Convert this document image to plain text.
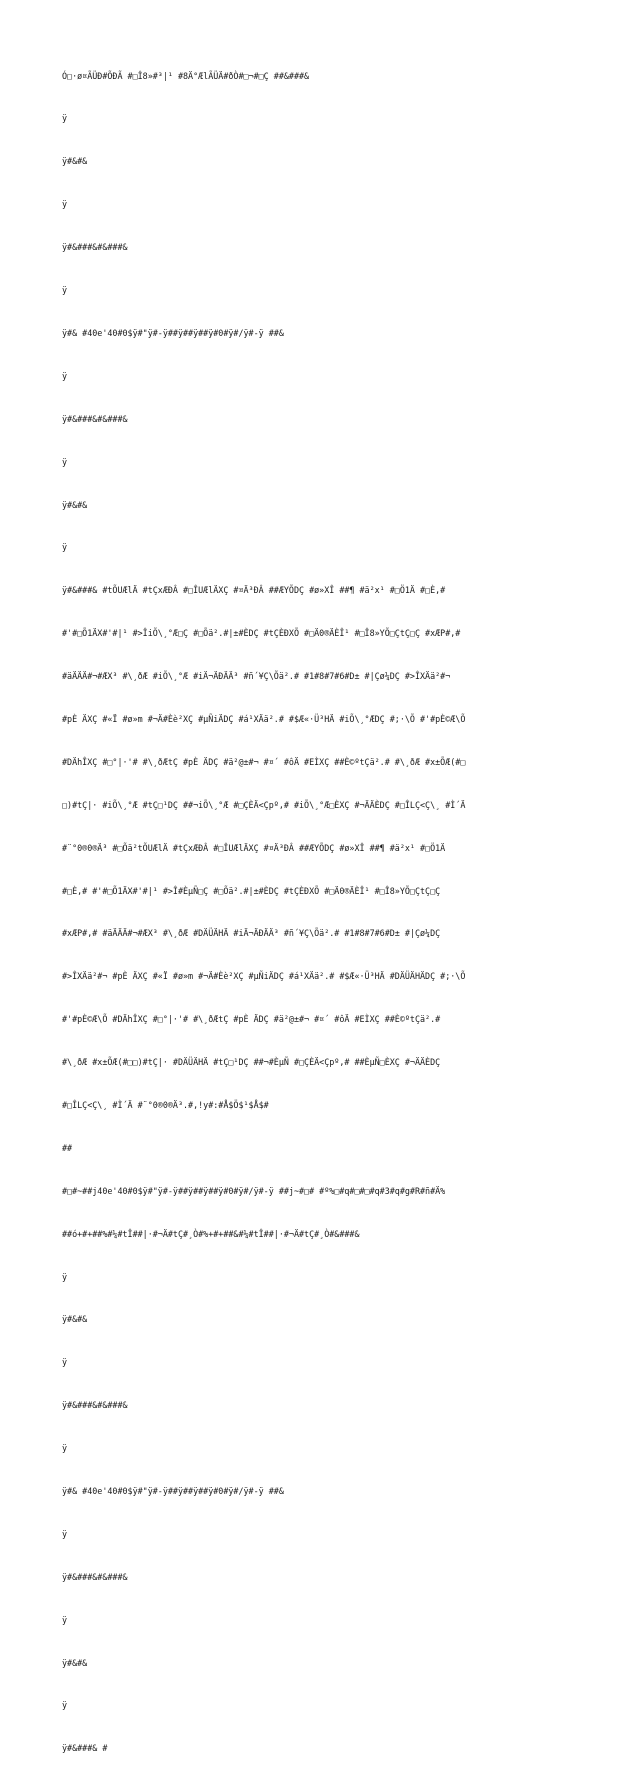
Ó□·ø¤ÃÜÐ#ÕÐÃ #□Î8»#³|¹ #8Ä°ÆlÃÜÄ#ðÒ#□¬#□Ç ##&###&

ÿ

ÿ#&#&

ÿ

ÿ#&###&#&###&

ÿ

ÿ#& #40e'40#0$ÿ#"ÿ#-ÿ##ÿ##ÿ##ÿ#0#ÿ#/ÿ#-ÿ ##&

ÿ

ÿ#&###&#&###&

ÿ

ÿ#&#&

ÿ

ÿ#&###& #tÕUÆlÄ #tÇxÆÐÂ #□ÎUÆlÄXÇ #¤Ä³ÐÂ ##ÆYÕDÇ #ø»XÎ ##¶ #ä²x¹ #□Ö1Ä #□È,#

#'#□Õ1ÄX#'#|¹ #>ÎiÕ\¸°Æ□Ç #□Õä².#|±#ÈDÇ #tÇÈÐXÕ #□Ä0®ÄÈÎ¹ #□Î8»YÕ□ÇtÇ□Ç #xÆP#,#

#äÄÄÄ#¬#ÆX³ #\¸ðÆ #iÕ\¸°Æ #iÄ¬ÄÐÄÄ³ #ñ´¥Ç\Õä².# #1#8#7#6#D± #|Çø¼DÇ #>ÎXÄä²#¬

#pÈ ÄXÇ #«Ï #ø»m #¬Ä#Èè²XÇ #µÑiÄDÇ #á¹XÄä².# #$Æ«·Ü³HÄ #iÕ\¸°ÆDÇ #;·\Õ #'#pÈ©Æ\Õ

#DÄhÎXÇ #□°|·'# #\¸ðÆtÇ #pÈ ÄDÇ #ä²@±#¬ #¤´ #ôÄ #EÌXÇ ##È©ºtÇä².# #\¸ðÆ #x±ÕÆ(#□

□)#tÇ|· #iÕ\¸°Æ #tÇ□¹DÇ ##¬iÕ\¸°Æ #□ÇÈÄ<Çpº,# #iÕ\¸°Æ□ÈXÇ #¬ÄÄÈDÇ #□ÎLÇ<Ç\¸ #Ì´Ä

#¨°0®0®Ä³ #□Õä²tÕUÆlÄ #tÇxÆÐÂ #□ÎUÆlÄXÇ #¤Ä³ÐÂ ##ÆYÕDÇ #ø»XÎ ##¶ #ä²x¹ #□Ö1Ä

#□È,# #'#□Õ1ÄX#'#|¹ #>Î#ÈµÑ□Ç #□Õä².#|±#ÈDÇ #tÇÈÐXÕ #□Ä0®ÄÈÎ¹ #□Î8»YÕ□ÇtÇ□Ç

#xÆP#,# #äÄÄÄ#¬#ÆX³ #\¸ðÆ #DÄÜÄHÄ #iÄ¬ÄÐÄÄ³ #ñ´¥Ç\Õä².# #1#8#7#6#D± #|Çø¼DÇ

#>ÎXÄä²#¬ #pÈ ÄXÇ #«Ï #ø»m #¬Ä#Èè²XÇ #µÑiÄDÇ #á¹XÄä².# #$Æ«·Ü³HÄ #DÄÜÄHÄDÇ #;·\Õ

#'#pÈ©Æ\Õ #DÄhÎXÇ #□°|·'# #\¸ðÆtÇ #pÈ ÄDÇ #ä²@±#¬ #¤´ #ôÄ #EÌXÇ ##È©ºtÇä².#

#\¸ðÆ #x±ÕÆ(#□□)#tÇ|· #DÄÜÄHÄ #tÇ□¹DÇ ##¬#ÈµÑ #□ÇÈÄ<Çpº,# ##ÈµÑ□ÈXÇ #¬ÄÄÈDÇ

#□ÎLÇ<Ç\¸ #Ì´Ä #¨°0®0®Ä³.#,!y#:#Å$Ö$¹$Å$#

##

#□#~##j40e'40#0$ÿ#"ÿ#-ÿ##ÿ##ÿ##ÿ#0#ÿ#/ÿ#-ÿ ##j~#□# #º%□#q#□#□#q#3#q#g#R#ñ#Ä%

##ó+#+##%#¼#tÎ##|·#¬Ä#tÇ#¸Ò#%+#+##&#¼#tÎ##|·#¬Ä#tÇ#¸Ò#&###&

ÿ

ÿ#&#&

ÿ

ÿ#&###&#&###&

ÿ

ÿ#& #40e'40#0$ÿ#"ÿ#-ÿ##ÿ##ÿ##ÿ#0#ÿ#/ÿ#-ÿ ##&

ÿ

ÿ#&###&#&###&

ÿ

ÿ#&#&

ÿ

ÿ#&###& #
